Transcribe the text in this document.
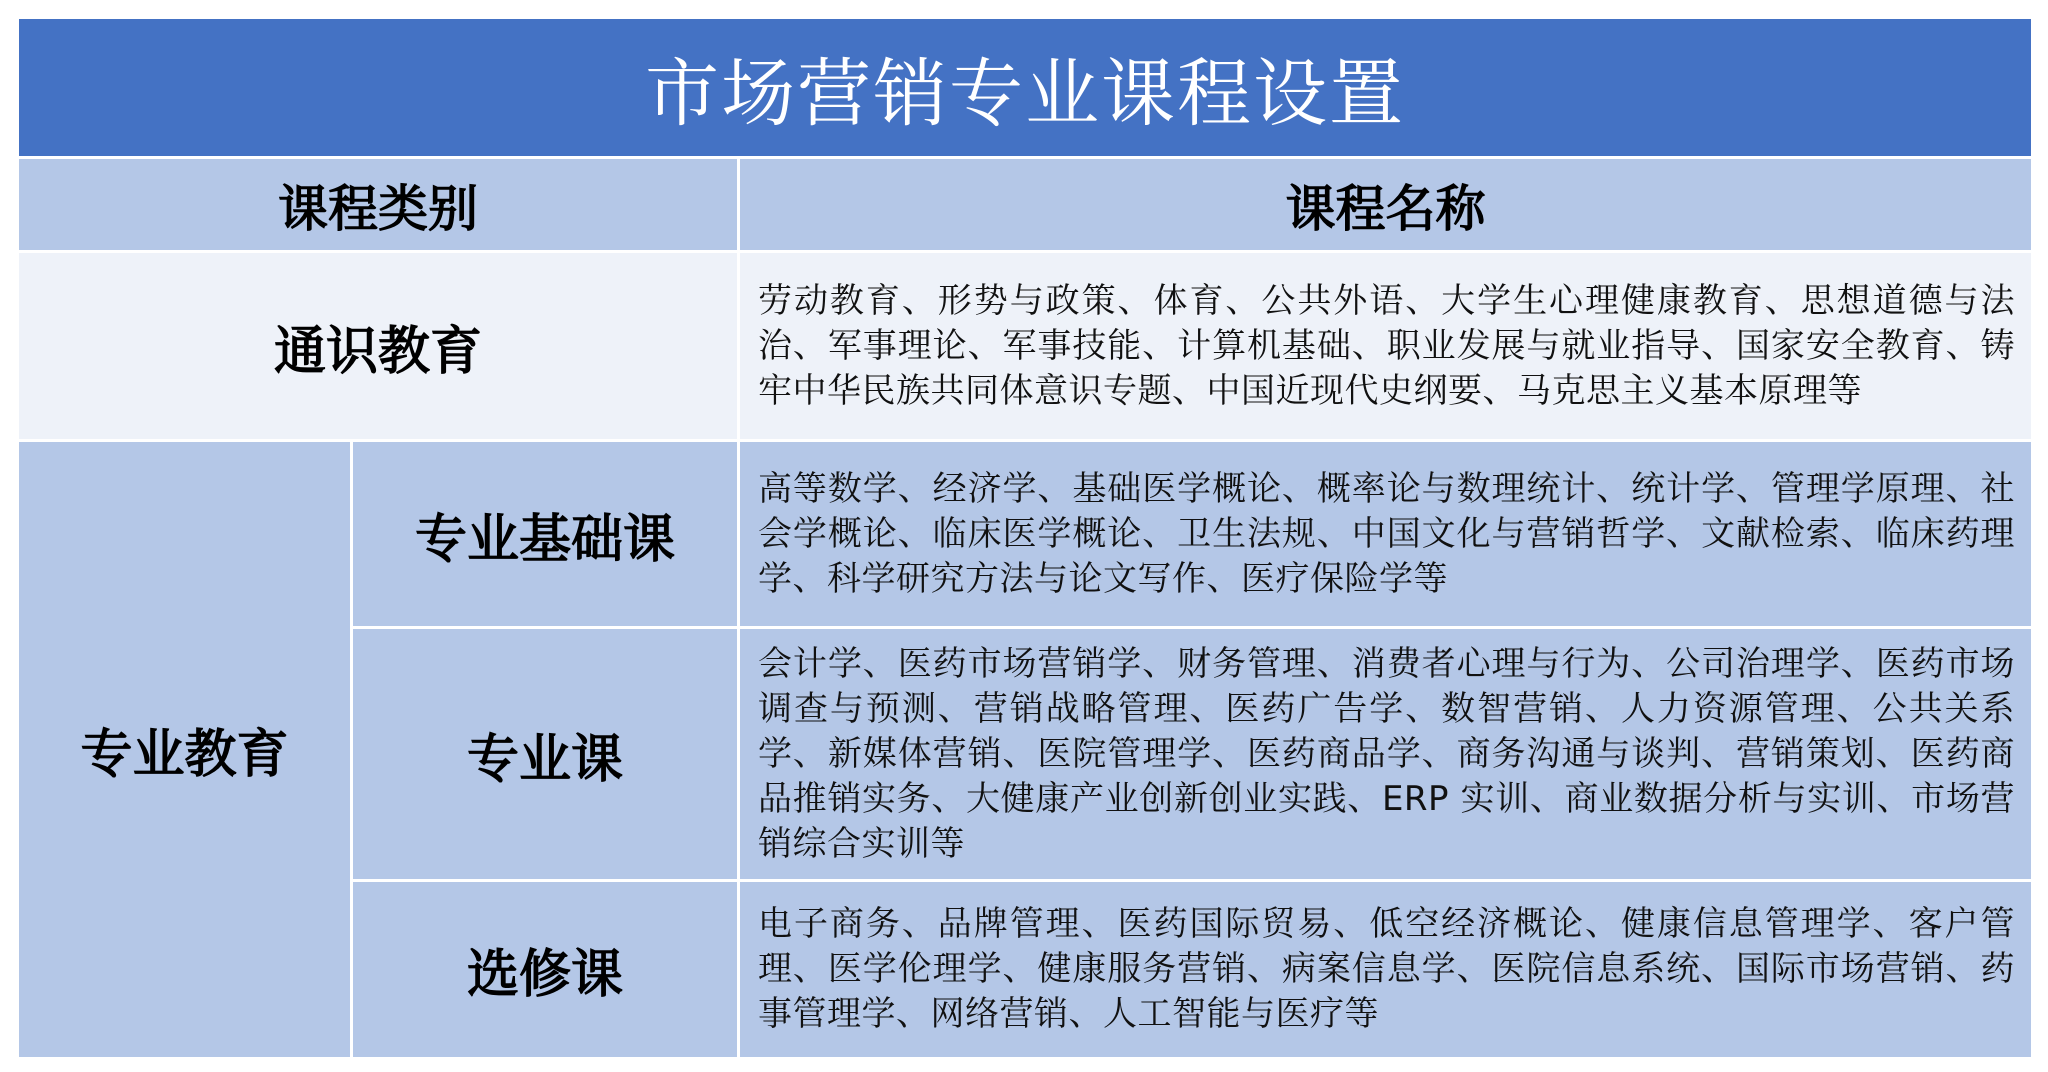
市场营销专业课程设置
课程类别	课程名称
通识教育
劳动教育、形势与政策、体育、公共外语、大学生心理健康教育、思想道德与法治、军事理论、军事技能、计算机基础、职业发展与就业指导、国家安全教育、铸牢中华民族共同体意识专题、中国近现代史纲要、马克思主义基本原理等
专业教育
专业基础课
高等数学、经济学、基础医学概论、概率论与数理统计、统计学、管理学原理、社会学概论、临床医学概论、卫生法规、中国文化与营销哲学、文献检索、临床药理学、科学研究方法与论文写作、医疗保险学等
专业课
会计学、医药市场营销学、财务管理、消费者心理与行为、公司治理学、医药市场调查与预测、营销战略管理、医药广告学、数智营销、人力资源管理、公共关系学、新媒体营销、医院管理学、医药商品学、商务沟通与谈判、营销策划、医药商品推销实务、大健康产业创新创业实践、ERP 实训、商业数据分析与实训、市场营销综合实训等
选修课
电子商务、品牌管理、医药国际贸易、低空经济概论、健康信息管理学、客户管理、医学伦理学、健康服务营销、病案信息学、医院信息系统、国际市场营销、药事管理学、网络营销、人工智能与医疗等
